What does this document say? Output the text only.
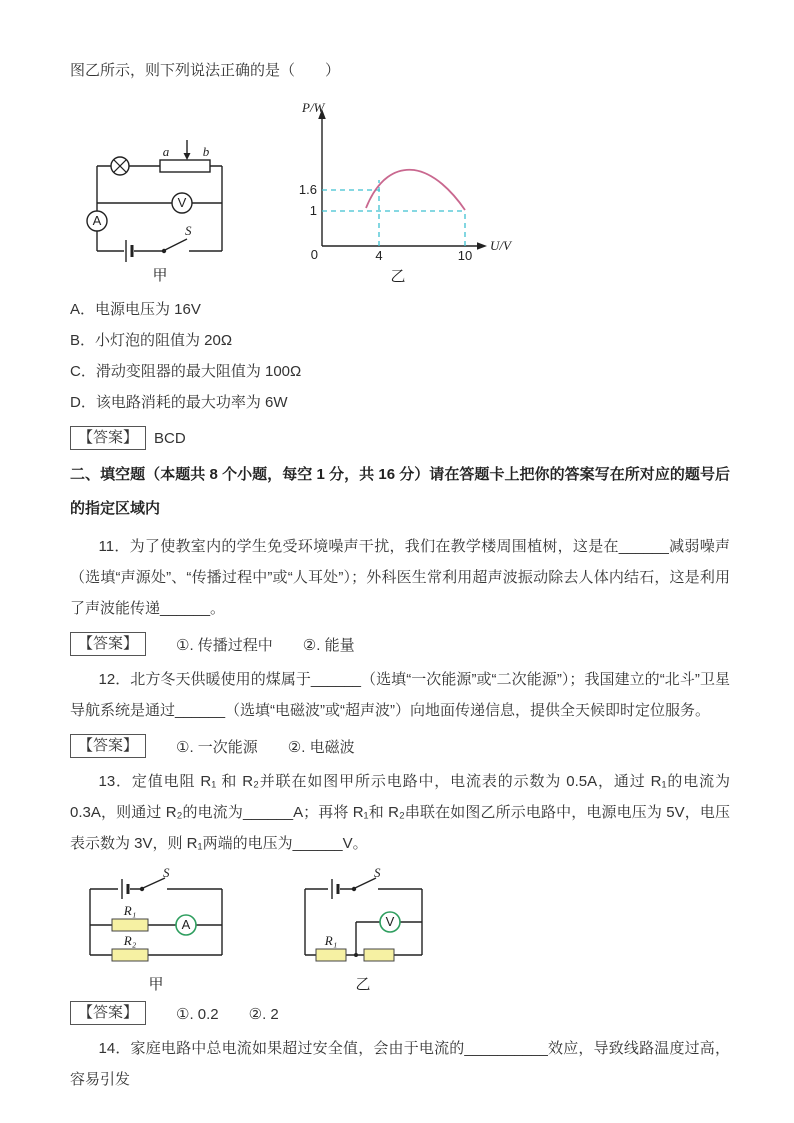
图乙所示，则下列说法正确的是（　　）

a	b
S
A
V
甲
P/W
U/V
1.6
1
0	4	10
乙

A．电源电压为 16V

B．小灯泡的阻值为 20Ω

C．滑动变阻器的最大阻值为 100Ω

D．该电路消耗的最大功率为 6W

【答案】	BCD

二、填空题（本题共 8 个小题，每空 1 分，共 16 分）请在答题卡上把你的答案写在所对应的题号后的指定区域内

11．为了使教室内的学生免受环境噪声干扰，我们在教学楼周围植树，这是在______减弱噪声（选填“声源处”、“传播过程中”或“人耳处”）；外科医生常利用超声波振动除去人体内结石，这是利用了声波能传递______。

【答案】	①. 传播过程中　　②. 能量

12．北方冬天供暖使用的煤属于______（选填“一次能源”或“二次能源”）；我国建立的“北斗”卫星导航系统是通过______（选填“电磁波”或“超声波”）向地面传递信息，提供全天候即时定位服务。

【答案】	①. 一次能源　　②. 电磁波

13．定值电阻 R₁ 和 R₂并联在如图甲所示电路中，电流表的示数为 0.5A，通过 R₁的电流为 0.3A，则通过 R₂的电流为______A；再将 R₁和 R₂串联在如图乙所示电路中，电源电压为 5V，电压表示数为 3V，则 R₁两端的电压为______V。

S
R₁
R₂
A
甲
S
R₁
V
乙
【答案】	①. 0.2　　②. 2

14．家庭电路中总电流如果超过安全值，会由于电流的__________效应，导致线路温度过高，容易引发
